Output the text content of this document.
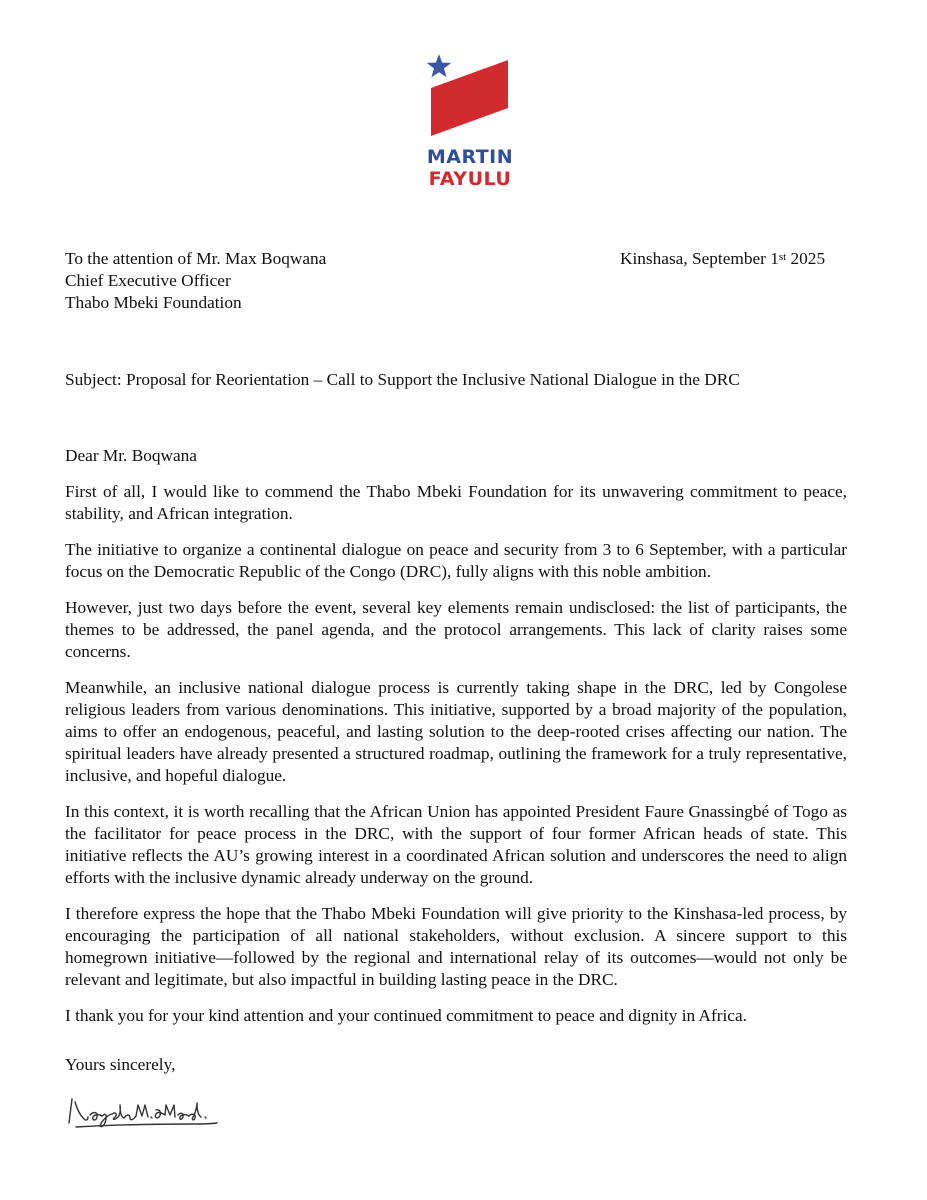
MARTIN
FAYULU
To the attention of Mr. Max Boqwana
Chief Executive Officer
Thabo Mbeki Foundation
Kinshasa, September 1st 2025
Subject: Proposal for Reorientation – Call to Support the Inclusive National Dialogue in the DRC
Dear Mr. Boqwana

First of all, I would like to commend the Thabo Mbeki Foundation for its unwavering commitment to peace, stability, and African integration.

The initiative to organize a continental dialogue on peace and security from 3 to 6 September, with a particular focus on the Democratic Republic of the Congo (DRC), fully aligns with this noble ambition.

However, just two days before the event, several key elements remain undisclosed: the list of participants, the themes to be addressed, the panel agenda, and the protocol arrangements. This lack of clarity raises some concerns.

Meanwhile, an inclusive national dialogue process is currently taking shape in the DRC, led by Congolese religious leaders from various denominations. This initiative, supported by a broad majority of the population, aims to offer an endogenous, peaceful, and lasting solution to the deep-rooted crises affecting our nation. The spiritual leaders have already presented a structured roadmap, outlining the framework for a truly representative, inclusive, and hopeful dialogue.

In this context, it is worth recalling that the African Union has appointed President Faure Gnassingbé of Togo as the facilitator for peace process in the DRC, with the support of four former African heads of state. This initiative reflects the AU’s growing interest in a coordinated African solution and underscores the need to align efforts with the inclusive dynamic already underway on the ground.

I therefore express the hope that the Thabo Mbeki Foundation will give priority to the Kinshasa-led process, by encouraging the participation of all national stakeholders, without exclusion. A sincere support to this homegrown initiative—followed by the regional and international relay of its outcomes—would not only be relevant and legitimate, but also impactful in building lasting peace in the DRC.

I thank you for your kind attention and your continued commitment to peace and dignity in Africa.

Yours sincerely,
